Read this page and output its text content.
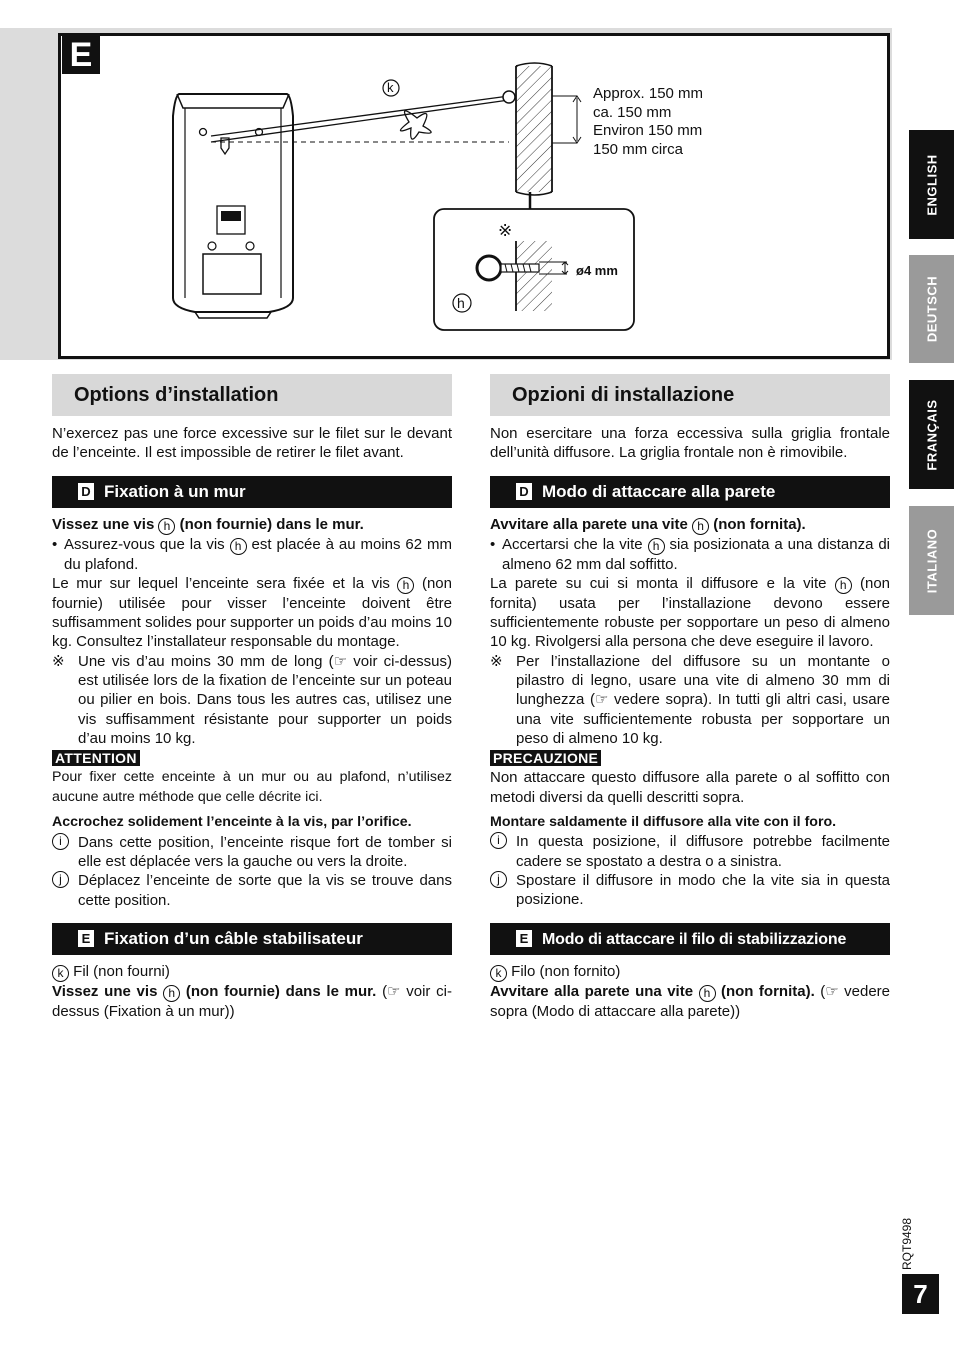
E
k
h
※
ø4 mm
Approx. 150 mm
ca. 150 mm
Environ 150 mm
150 mm circa
ENGLISH
DEUTSCH
FRANÇAIS
ITALIANO
Options d’installation

N’exercez pas une force excessive sur le filet sur le devant de l’enceinte. Il est impossible de retirer le filet avant.

D Fixation à un mur

Vissez une vis h (non fournie) dans le mur.

• Assurez-vous que la vis h est placée à au moins 62 mm du plafond.

Le mur sur lequel l’enceinte sera fixée et la vis h (non fournie) utilisée pour visser l’enceinte doivent être suffisamment solides pour supporter un poids d’au moins 10 kg. Consultez l’installateur responsable du montage.

※ Une vis d’au moins 30 mm de long (☞ voir ci-dessus) est utilisée lors de la fixation de l’enceinte sur un poteau ou pilier en bois. Dans tous les autres cas, utilisez une vis suffisamment résistante pour supporter un poids d’au moins 10 kg.
ATTENTION

Pour fixer cette enceinte à un mur ou au plafond, n’utilisez aucune autre méthode que celle décrite ici.

Accrochez solidement l’enceinte à la vis, par l’orifice.

i	Dans cette position, l’enceinte risque fort de tomber si elle est déplacée vers la gauche ou vers la droite.
j	Déplacez l’enceinte de sorte que la vis se trouve dans cette position.
E Fixation d’un câble stabilisateur

k Fil (non fourni)

Vissez une vis h (non fournie) dans le mur. (☞ voir ci-dessus (Fixation à un mur))

Opzioni di installazione

Non esercitare una forza eccessiva sulla griglia frontale dell’unità diffusore. La griglia frontale non è rimovibile.

D Modo di attaccare alla parete

Avvitare alla parete una vite h (non fornita).

• Accertarsi che la vite h sia posizionata a una distanza di almeno 62 mm dal soffitto.

La parete su cui si monta il diffusore e la vite h (non fornita) usata per l’installazione devono essere sufficientemente robuste per sopportare un peso di almeno 10 kg. Rivolgersi alla persona che deve eseguire il lavoro.

※ Per l’installazione del diffusore su un montante o pilastro di legno, usare una vite di almeno 30 mm di lunghezza (☞ vedere sopra). In tutti gli altri casi, usare una vite sufficientemente robusta per sopportare un peso di almeno 10 kg.
PRECAUZIONE

Non attaccare questo diffusore alla parete o al soffitto con metodi diversi da quelli descritti sopra.

Montare saldamente il diffusore alla vite con il foro.

i	In questa posizione, il diffusore potrebbe facilmente cadere se spostato a destra o a sinistra.
j	Spostare il diffusore in modo che la vite sia in questa posizione.
E Modo di attaccare il filo di stabilizzazione

k Filo (non fornito)

Avvitare alla parete una vite h (non fornita). (☞ vedere sopra (Modo di attaccare alla parete))

RQT9498
7
